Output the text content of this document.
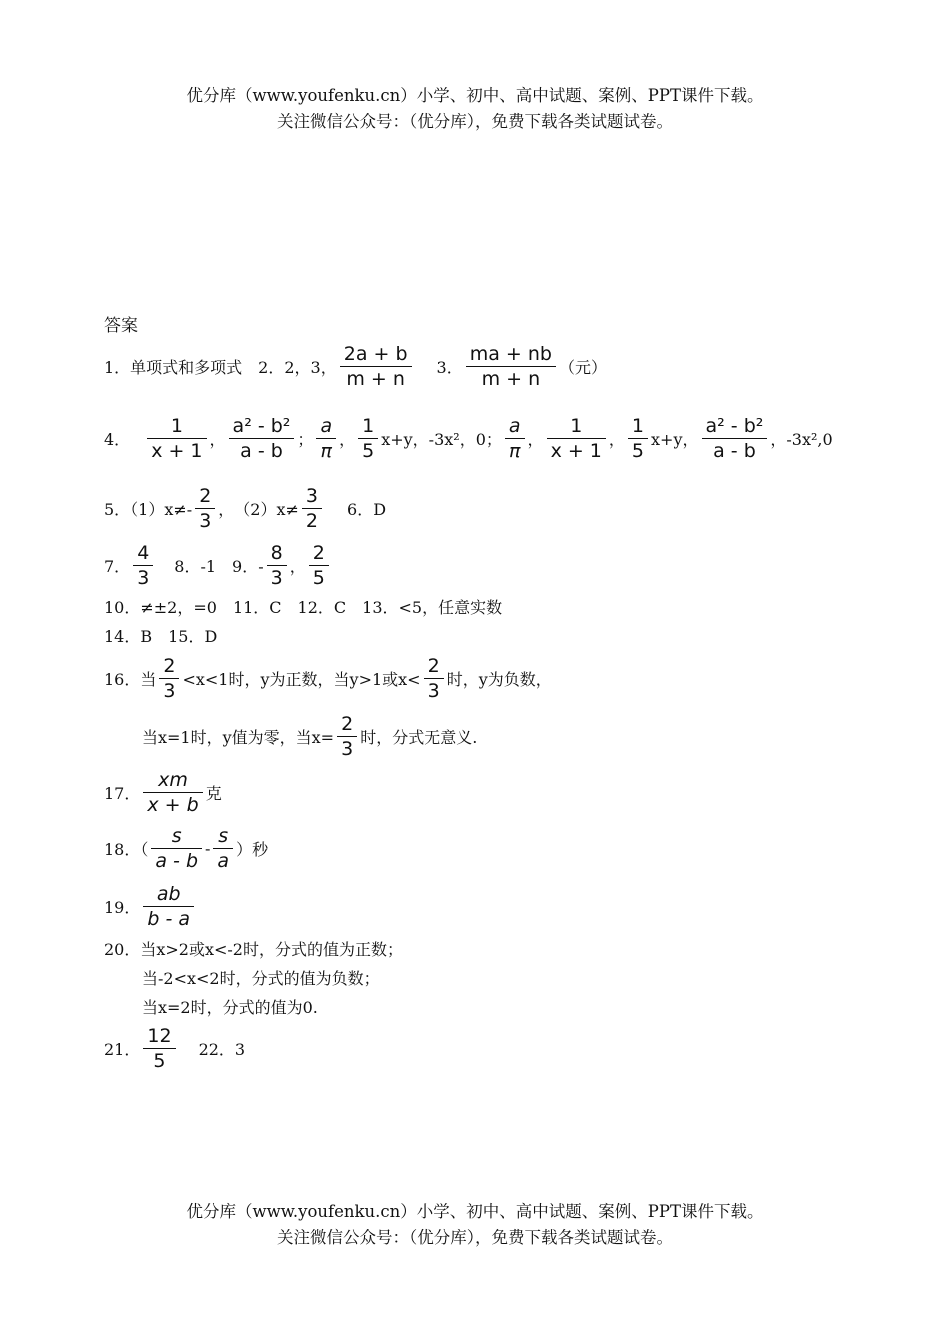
优分库（www.youfenku.cn）小学、初中、高中试题、案例、PPT课件下载。
关注微信公众号：（优分库），免费下载各类试题试卷。
答案
1．单项式和多项式　2．2，3，
2a + b
m + n
3．
ma + nb
m + n
（元）
4．
1
x + 1
，
a² - b²
a - b
；
a
π
，
1
5
x+y，-3x²，0；
a
π
，
1
x + 1
，
1
5
x+y，
a² - b²
a - b
，-3x²,0
5．（1）x≠-
2
3
，　（2）x≠
3
2
6．D
7．
4
3
8．-1　9．-
8
3
，
2
5
10．≠±2，=0　11．C　12．C　13．<5，任意实数
14．B　15．D
16．当
2
3
<x<1时，y为正数，当y>1或x<
2
3
时，y为负数，
当x=1时，y值为零，当x=
2
3
时，分式无意义.
17．
xm
x + b
克
18．（
s
a - b
-
s
a
）秒
19．
ab
b - a
20．当x>2或x<-2时，分式的值为正数；
当-2<x<2时，分式的值为负数；
当x=2时，分式的值为0.
21．
12
5
22．3
优分库（www.youfenku.cn）小学、初中、高中试题、案例、PPT课件下载。
关注微信公众号：（优分库），免费下载各类试题试卷。
